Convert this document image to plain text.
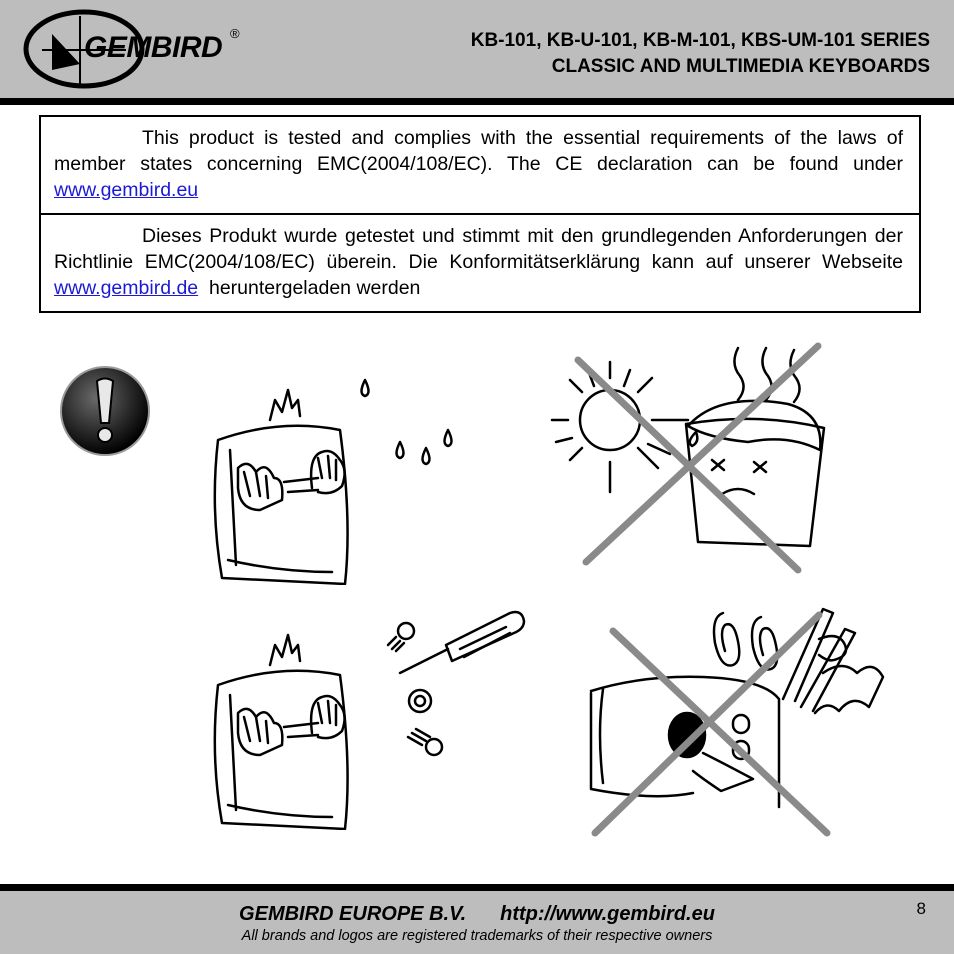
GEMBIRD ®	KB-101, KB-U-101, KB-M-101, KBS-UM-101 SERIES
CLASSIC AND MULTIMEDIA KEYBOARDS

This product is tested and complies with the essential requirements of the laws of member states concerning EMC(2004/108/EC). The CE declaration can be found under www.gembird.eu

Dieses Produkt wurde getestet und stimmt mit den grundlegenden Anforderungen der Richtlinie EMC(2004/108/EC) überein. Die Konformitätserklärung kann auf unserer Webseite www.gembird.de  heruntergeladen werden

GEMBIRD EUROPE B.V. http://www.gembird.eu
All brands and logos are registered trademarks of their respective owners
8
